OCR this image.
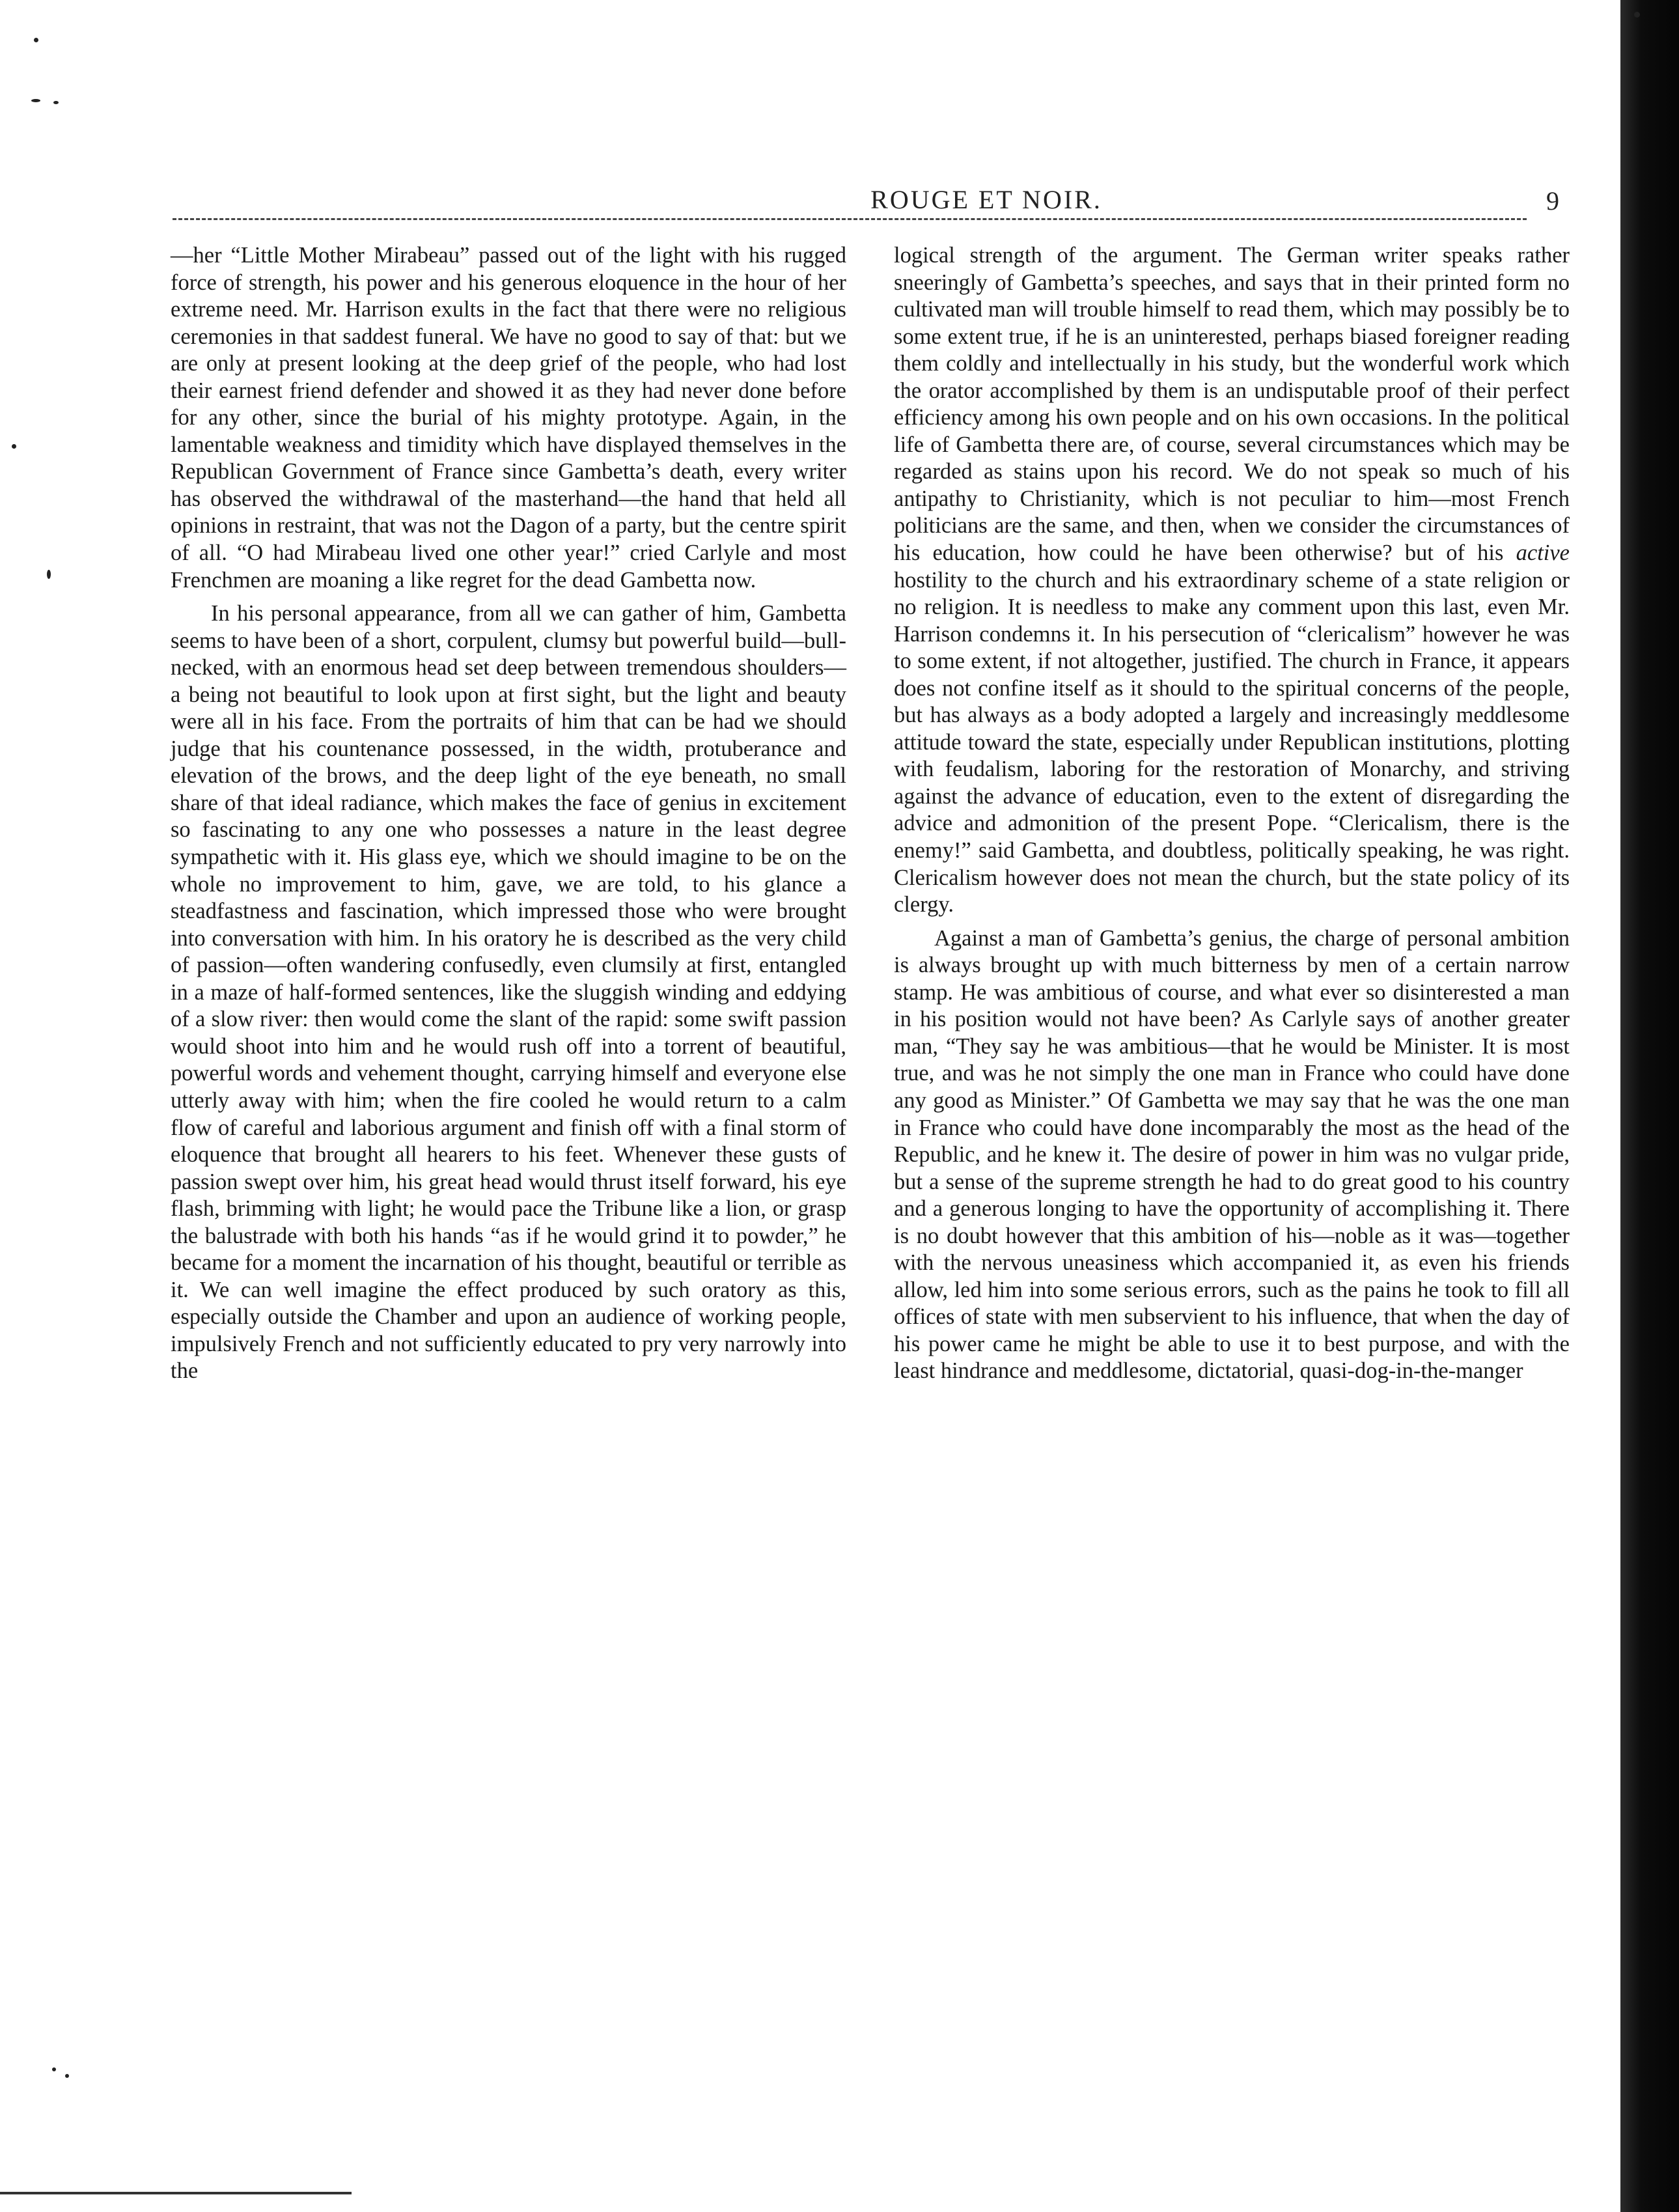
ROUGE ET NOIR.	9

—her “Little Mother Mirabeau” passed out of the light with his rugged force of strength, his power and his generous eloquence in the hour of her extreme need. Mr. Harrison exults in the fact that there were no religious ceremonies in that saddest funeral. We have no good to say of that: but we are only at present looking at the deep grief of the people, who had lost their earnest friend defender and showed it as they had never done before for any other, since the burial of his mighty prototype. Again, in the lamentable weakness and timidity which have displayed themselves in the Republican Government of France since Gambetta’s death, every writer has observed the withdrawal of the masterhand—the hand that held all opinions in restraint, that was not the Dagon of a party, but the centre spirit of all. “O had Mirabeau lived one other year!” cried Carlyle and most Frenchmen are moaning a like regret for the dead Gambetta now.

In his personal appearance, from all we can gather of him, Gambetta seems to have been of a short, corpulent, clumsy but powerful build—bull-necked, with an enormous head set deep between tremendous shoulders—a being not beautiful to look upon at first sight, but the light and beauty were all in his face. From the portraits of him that can be had we should judge that his countenance possessed, in the width, protuberance and elevation of the brows, and the deep light of the eye beneath, no small share of that ideal radiance, which makes the face of genius in excitement so fascinating to any one who possesses a nature in the least degree sympathetic with it. His glass eye, which we should imagine to be on the whole no improvement to him, gave, we are told, to his glance a steadfastness and fascination, which impressed those who were brought into conversation with him. In his oratory he is described as the very child of passion—often wandering confusedly, even clumsily at first, entangled in a maze of half-formed sentences, like the sluggish winding and eddying of a slow river: then would come the slant of the rapid: some swift passion would shoot into him and he would rush off into a torrent of beautiful, powerful words and vehement thought, carrying himself and everyone else utterly away with him; when the fire cooled he would return to a calm flow of careful and laborious argument and finish off with a final storm of eloquence that brought all hearers to his feet. Whenever these gusts of passion swept over him, his great head would thrust itself forward, his eye flash, brimming with light; he would pace the Tribune like a lion, or grasp the balustrade with both his hands “as if he would grind it to powder,” he became for a moment the incarnation of his thought, beautiful or terrible as it. We can well imagine the effect produced by such oratory as this, especially outside the Chamber and upon an audience of working people, impulsively French and not sufficiently educated to pry very narrowly into the

logical strength of the argument. The German writer speaks rather sneeringly of Gambetta’s speeches, and says that in their printed form no cultivated man will trouble himself to read them, which may possibly be to some extent true, if he is an uninterested, perhaps biased foreigner reading them coldly and intellectually in his study, but the wonderful work which the orator accomplished by them is an undisputable proof of their perfect efficiency among his own people and on his own occasions. In the political life of Gambetta there are, of course, several circumstances which may be regarded as stains upon his record. We do not speak so much of his antipathy to Christianity, which is not peculiar to him—most French politicians are the same, and then, when we consider the circumstances of his education, how could he have been otherwise? but of his active hostility to the church and his extraordinary scheme of a state religion or no religion. It is needless to make any comment upon this last, even Mr. Harrison condemns it. In his persecution of “clericalism” however he was to some extent, if not altogether, justified. The church in France, it appears does not confine itself as it should to the spiritual concerns of the people, but has always as a body adopted a largely and increasingly meddlesome attitude toward the state, especially under Republican institutions, plotting with feudalism, laboring for the restoration of Monarchy, and striving against the advance of education, even to the extent of disregarding the advice and admonition of the present Pope. “Clericalism, there is the enemy!” said Gambetta, and doubtless, politically speaking, he was right. Clericalism however does not mean the church, but the state policy of its clergy.

Against a man of Gambetta’s genius, the charge of personal ambition is always brought up with much bitterness by men of a certain narrow stamp. He was ambitious of course, and what ever so disinterested a man in his position would not have been? As Carlyle says of another greater man, “They say he was ambitious—that he would be Minister. It is most true, and was he not simply the one man in France who could have done any good as Minister.” Of Gambetta we may say that he was the one man in France who could have done incomparably the most as the head of the Republic, and he knew it. The desire of power in him was no vulgar pride, but a sense of the supreme strength he had to do great good to his country and a generous longing to have the opportunity of accomplishing it. There is no doubt however that this ambition of his—noble as it was—together with the nervous uneasiness which accompanied it, as even his friends allow, led him into some serious errors, such as the pains he took to fill all offices of state with men subservient to his influence, that when the day of his power came he might be able to use it to best purpose, and with the least hindrance and meddlesome, dictatorial, quasi-dog-in-the-manger
